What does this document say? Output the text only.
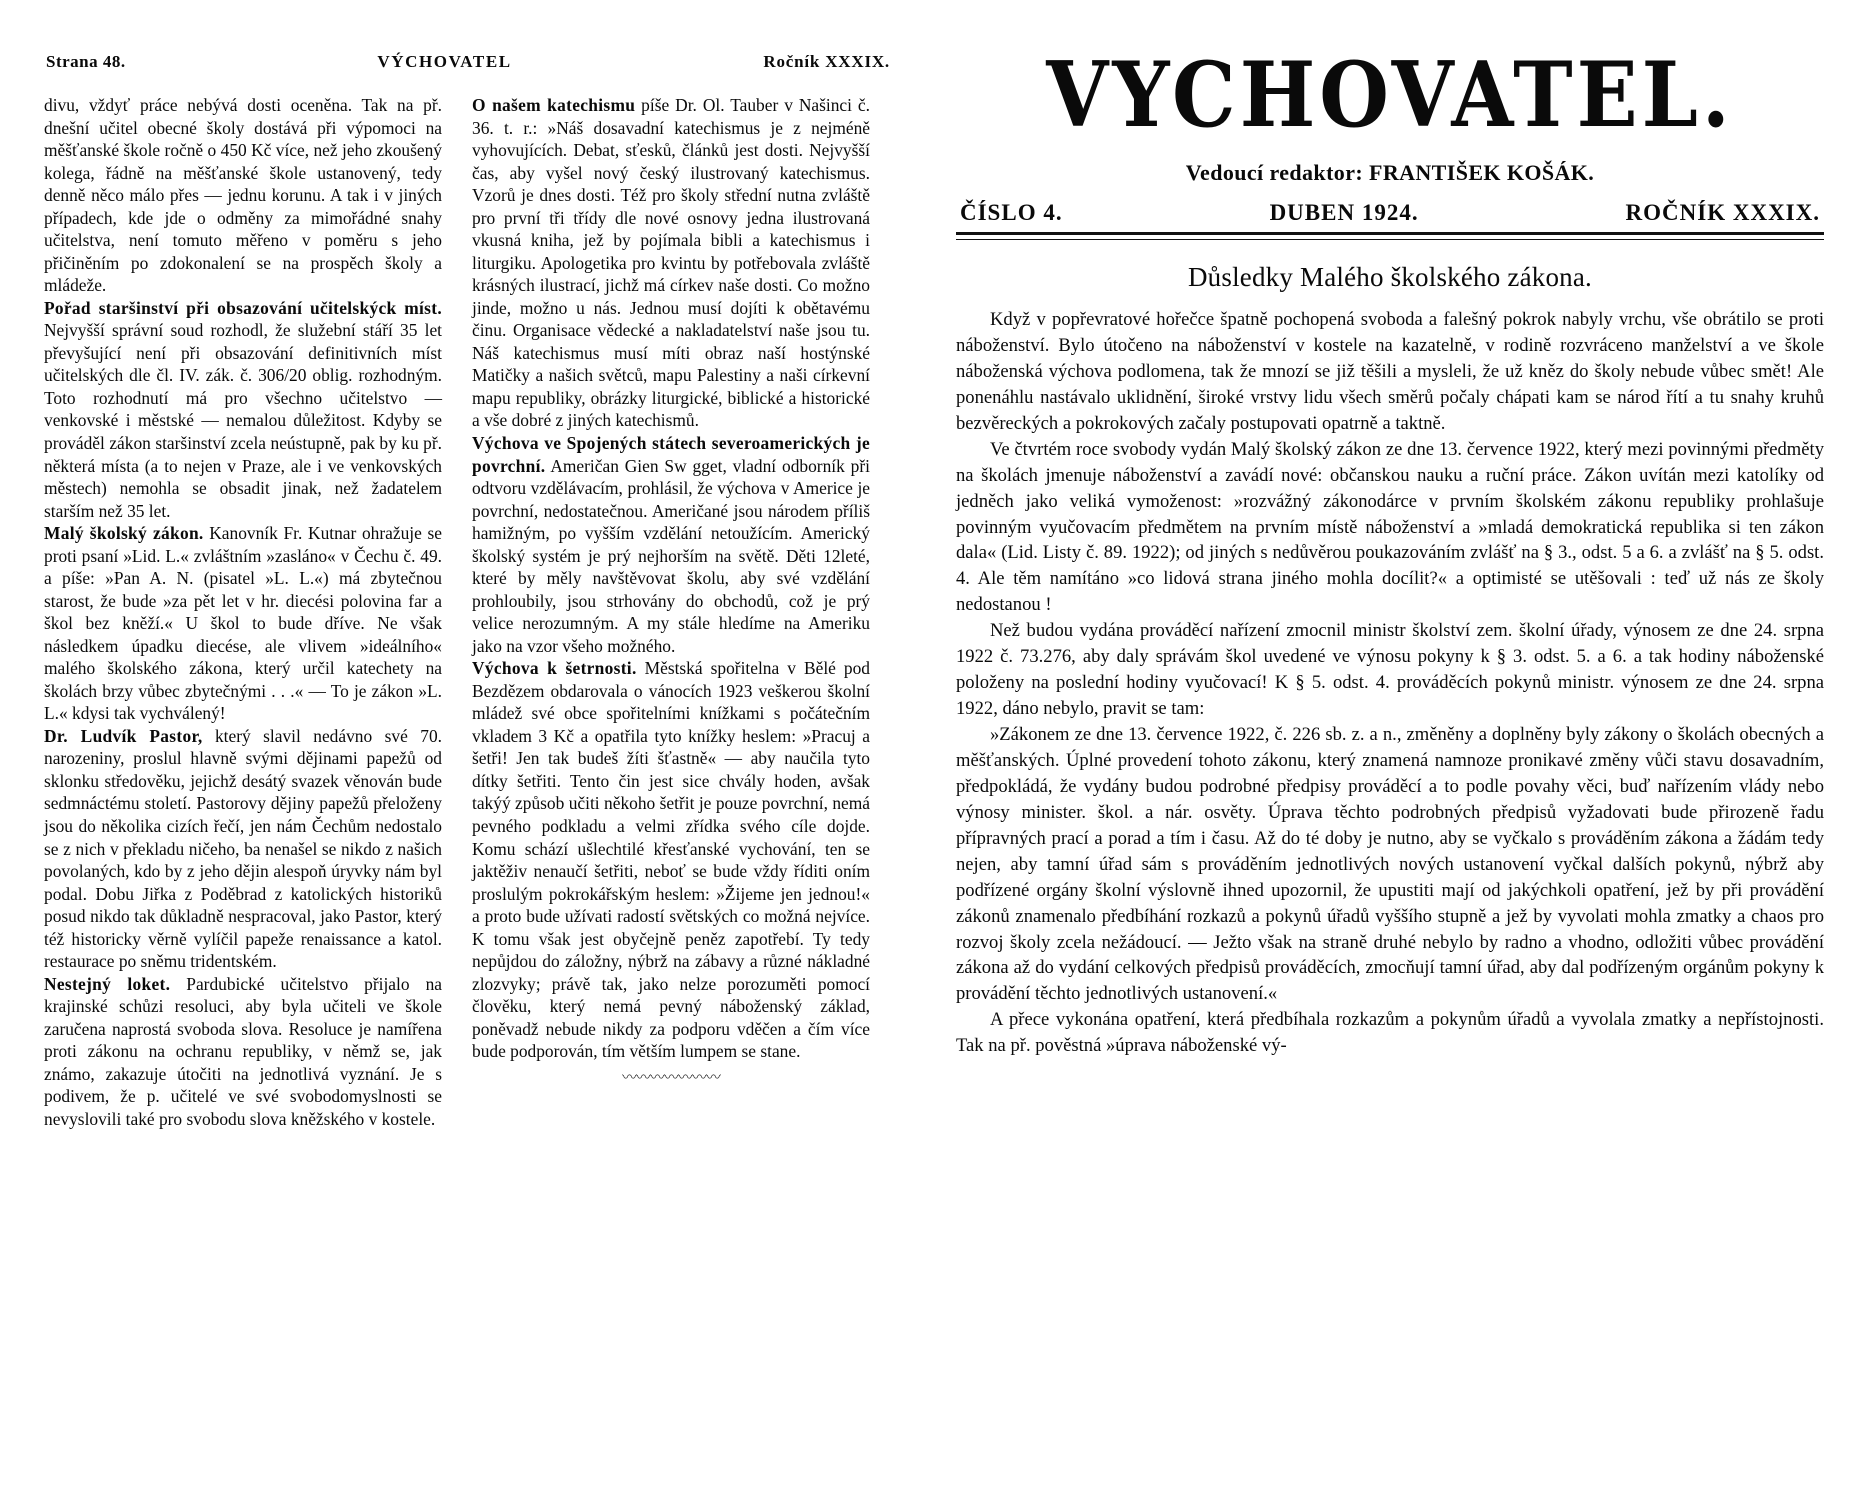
Strana 48.	VÝCHOVATEL	Ročník XXXIX.

divu, vždyť práce nebývá dosti oceněna. Tak na př. dnešní učitel obecné školy dostává při výpomoci na měšťanské škole ročně o 450 Kč více, než jeho zkoušený kolega, řádně na měšťanské škole ustanovený, tedy denně něco málo přes — jednu korunu. A tak i v jiných případech, kde jde o odměny za mimořádné snahy učitelstva, není tomuto měřeno v poměru s jeho přičiněním po zdokonalení se na prospěch školy a mládeže.

Pořad staršinství při obsazování učitelskýck míst. Nejvyšší správní soud rozhodl, že služební stáří 35 let převyšující není při obsazování definitivních míst učitelských dle čl. IV. zák. č. 306/20 oblig. rozhodným. Toto rozhodnutí má pro všechno učitelstvo — venkovské i městské — nemalou důležitost. Kdyby se prováděl zákon staršinství zcela neústupně, pak by ku př. některá místa (a to nejen v Praze, ale i ve venkovských městech) nemohla se obsadit jinak, než žadatelem starším než 35 let.

Malý školský zákon. Kanovník Fr. Kutnar ohražuje se proti psaní »Lid. L.« zvláštním »zasláno« v Čechu č. 49. a píše: »Pan A. N. (pisatel »L. L.«) má zbytečnou starost, že bude »za pět let v hr. diecési polovina far a škol bez kněží.« U škol to bude dříve. Ne však následkem úpadku diecése, ale vlivem »ideálního« malého školského zákona, který určil katechety na školách brzy vůbec zbytečnými . . .« — To je zákon »L. L.« kdysi tak vychválený!

Dr. Ludvík Pastor, který slavil nedávno své 70. narozeniny, proslul hlavně svými dějinami papežů od sklonku středověku, jejichž desátý svazek věnován bude sedmnáctému století. Pastorovy dějiny papežů přeloženy jsou do několika cizích řečí, jen nám Čechům nedostalo se z nich v překladu ničeho, ba nenašel se nikdo z našich povolaných, kdo by z jeho dějin alespoň úryvky nám byl podal. Dobu Jiřka z Poděbrad z katolických historiků posud nikdo tak důkladně nespracoval, jako Pastor, který též historicky věrně vylíčil papeže renaissance a katol. restaurace po sněmu tridentském.

Nestejný loket. Pardubické učitelstvo přijalo na krajinské schůzi resoluci, aby byla učiteli ve škole zaručena naprostá svoboda slova. Resoluce je namířena proti zákonu na ochranu republiky, v němž se, jak známo, zakazuje útočiti na jednotlivá vyznání. Je s podivem, že p. učitelé ve své svobodomyslnosti se nevyslovili také pro svobodu slova kněžského v kostele.

O našem katechismu píše Dr. Ol. Tauber v Našinci č. 36. t. r.: »Náš dosavadní katechismus je z nejméně vyhovujících. Debat, sťesků, článků jest dosti. Nejvyšší čas, aby vyšel nový český ilustrovaný katechismus. Vzorů je dnes dosti. Též pro školy střední nutna zvláště pro první tři třídy dle nové osnovy jedna ilustrovaná vkusná kniha, jež by pojímala bibli a katechismus i liturgiku. Apologetika pro kvintu by potřebovala zvláště krásných ilustrací, jichž má církev naše dosti. Co možno jinde, možno u nás. Jednou musí dojíti k obětavému činu. Organisace vědecké a nakladatelství naše jsou tu. Náš katechismus musí míti obraz naší hostýnské Matičky a našich světců, mapu Palestiny a naši církevní mapu republiky, obrázky liturgické, biblické a historické a vše dobré z jiných katechismů.

Výchova ve Spojených státech severoamerických je povrchní. Američan Gien Sw gget, vladní odborník při odtvoru vzdělávacím, prohlásil, že výchova v Americe je povrchní, nedostatečnou. Američané jsou národem příliš hamižným, po vyšším vzdělání netoužícím. Americký školský systém je prý nejhorším na světě. Děti 12leté, které by měly navštěvovat školu, aby své vzdělání prohloubily, jsou strhovány do obchodů, což je prý velice nerozumným. A my stále hledíme na Ameriku jako na vzor všeho možného.

Výchova k šetrnosti. Městská spořitelna v Bělé pod Bezdězem obdarovala o vánocích 1923 veškerou školní mládež své obce spořitelními knížkami s počátečním vkladem 3 Kč a opatřila tyto knížky heslem: »Pracuj a šetři! Jen tak budeš žíti šťastně« — aby naučila tyto dítky šetřiti. Tento čin jest sice chvály hoden, avšak takýý způsob učiti někoho šetřit je pouze povrchní, nemá pevného podkladu a velmi zřídka svého cíle dojde. Komu schází ušlechtilé křesťanské vychování, ten se jaktěživ nenaučí šetřiti, neboť se bude vždy říditi oním proslulým pokrokářským heslem: »Žijeme jen jednou!« a proto bude užívati radostí světských co možná nejvíce. K tomu však jest obyčejně peněz zapotřebí. Ty tedy nepůjdou do záložny, nýbrž na zábavy a různé nákladné zlozvyky; právě tak, jako nelze porozuměti pomocí člověku, který nemá pevný náboženský základ, poněvadž nebude nikdy za podporu vděčen a čím více bude podporován, tím větším lumpem se stane.

〰〰〰〰〰〰〰
VYCHOVATEL.
Vedoucí redaktor: FRANTIŠEK KOŠÁK.
ČÍSLO 4.	DUBEN 1924.	ROČNÍK XXXIX.
Důsledky Malého školského zákona.

Když v popřevratové hořečce špatně pochopená svoboda a falešný pokrok nabyly vrchu, vše obrátilo se proti náboženství. Bylo útočeno na náboženství v kostele na kazatelně, v rodině rozvráceno manželství a ve škole náboženská výchova podlomena, tak že mnozí se již těšili a mysleli, že už kněz do školy nebude vůbec smět! Ale ponenáhlu nastávalo uklidnění, široké vrstvy lidu všech směrů počaly chápati kam se národ řítí a tu snahy kruhů bezvěreckých a pokrokových začaly postupovati opatrně a taktně.

Ve čtvrtém roce svobody vydán Malý školský zákon ze dne 13. července 1922, který mezi povinnými předměty na školách jmenuje náboženství a zavádí nové: občanskou nauku a ruční práce. Zákon uvítán mezi katolíky od jedněch jako veliká vymoženost: »rozvážný zákonodárce v prvním školském zákonu republiky prohlašuje povinným vyučovacím předmětem na prvním místě náboženství a »mladá demokratická republika si ten zákon dala« (Lid. Listy č. 89. 1922); od jiných s nedůvěrou poukazováním zvlášť na § 3., odst. 5 a 6. a zvlášť na § 5. odst. 4. Ale těm namítáno »co lidová strana jiného mohla docílit?« a optimisté se utěšovali : teď už nás ze školy nedostanou !

Než budou vydána prováděcí nařízení zmocnil ministr školství zem. školní úřady, výnosem ze dne 24. srpna 1922 č. 73.276, aby daly správám škol uvedené ve výnosu pokyny k § 3. odst. 5. a 6. a tak hodiny náboženské položeny na poslední hodiny vyučovací! K § 5. odst. 4. prováděcích pokynů ministr. výnosem ze dne 24. srpna 1922, dáno nebylo, pravit se tam:

»Zákonem ze dne 13. července 1922, č. 226 sb. z. a n., změněny a doplněny byly zákony o školách obecných a měšťanských. Úplné provedení tohoto zákonu, který znamená namnoze pronikavé změny vůči stavu dosavadním, předpokládá, že vydány budou podrobné předpisy prováděcí a to podle povahy věci, buď nařízením vlády nebo výnosy minister. škol. a nár. osvěty. Úprava těchto podrobných předpisů vyžadovati bude přirozeně řadu přípravných prací a porad a tím i času. Až do té doby je nutno, aby se vyčkalo s prováděním zákona a žádám tedy nejen, aby tamní úřad sám s prováděním jednotlivých nových ustanovení vyčkal dalších pokynů, nýbrž aby podřízené orgány školní výslovně ihned upozornil, že upustiti mají od jakýchkoli opatření, jež by při provádění zákonů znamenalo předbíhání rozkazů a pokynů úřadů vyššího stupně a jež by vyvolati mohla zmatky a chaos pro rozvoj školy zcela nežádoucí. — Ježto však na straně druhé nebylo by radno a vhodno, odložiti vůbec provádění zákona až do vydání celkových předpisů prováděcích, zmocňují tamní úřad, aby dal podřízeným orgánům pokyny k provádění těchto jednotlivých ustanovení.«

A přece vykonána opatření, která předbíhala rozkazům a pokynům úřadů a vyvolala zmatky a nepřístojnosti. Tak na př. pověstná »úprava náboženské vý-
